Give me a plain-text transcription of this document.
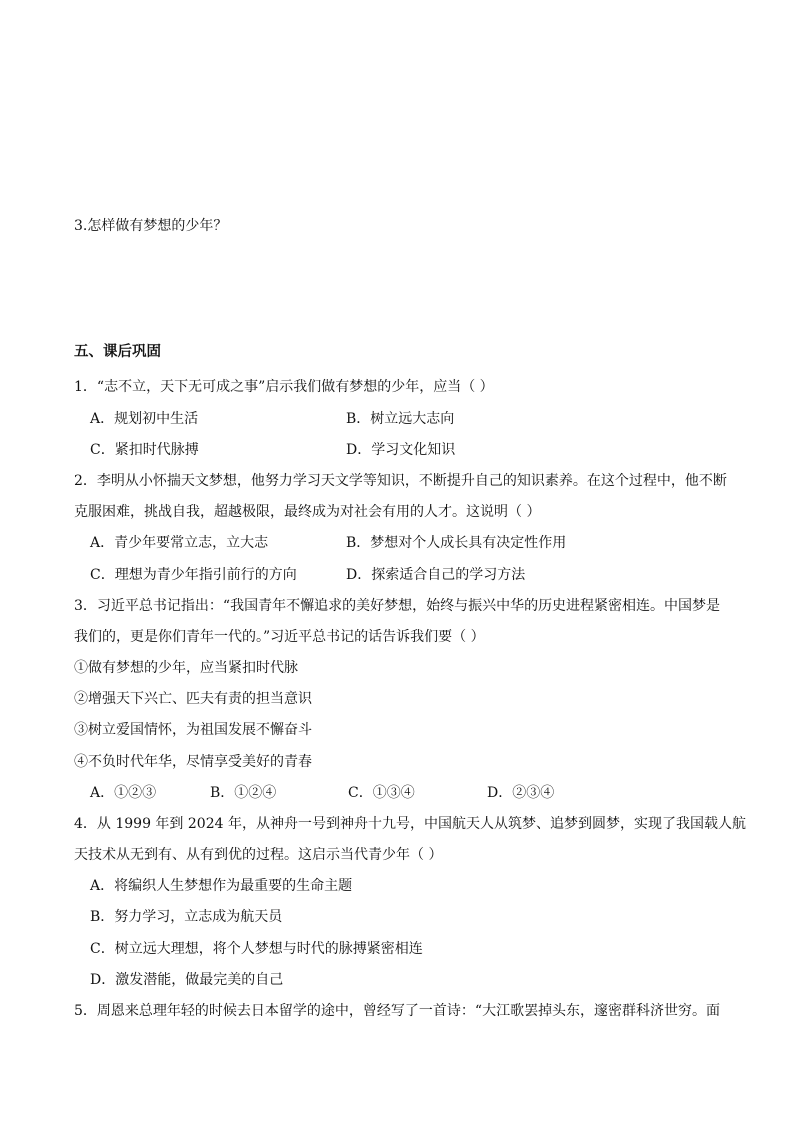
3.怎样做有梦想的少年？
五、课后巩固
1．“志不立，天下无可成之事”启示我们做有梦想的少年，应当（ ）
A．规划初中生活	B．树立远大志向
C．紧扣时代脉搏	D．学习文化知识
2．李明从小怀揣天文梦想，他努力学习天文学等知识，不断提升自己的知识素养。在这个过程中，他不断
克服困难，挑战自我，超越极限，最终成为对社会有用的人才。这说明（ ）
A．青少年要常立志，立大志	B．梦想对个人成长具有决定性作用
C．理想为青少年指引前行的方向	D．探索适合自己的学习方法
3．习近平总书记指出：“我国青年不懈追求的美好梦想，始终与振兴中华的历史进程紧密相连。中国梦是
我们的，更是你们青年一代的。”习近平总书记的话告诉我们要（ ）
①做有梦想的少年，应当紧扣时代脉
②增强天下兴亡、匹夫有责的担当意识
③树立爱国情怀，为祖国发展不懈奋斗
④不负时代年华，尽情享受美好的青春
A．①②③	B．①②④	C．①③④	D．②③④
4．从 1999 年到 2024 年，从神舟一号到神舟十九号，中国航天人从筑梦、追梦到圆梦，实现了我国载人航
天技术从无到有、从有到优的过程。这启示当代青少年（ ）
A．将编织人生梦想作为最重要的生命主题
B．努力学习，立志成为航天员
C．树立远大理想，将个人梦想与时代的脉搏紧密相连
D．激发潜能，做最完美的自己
5．周恩来总理年轻的时候去日本留学的途中，曾经写了一首诗：“大江歌罢掉头东，邃密群科济世穷。面
